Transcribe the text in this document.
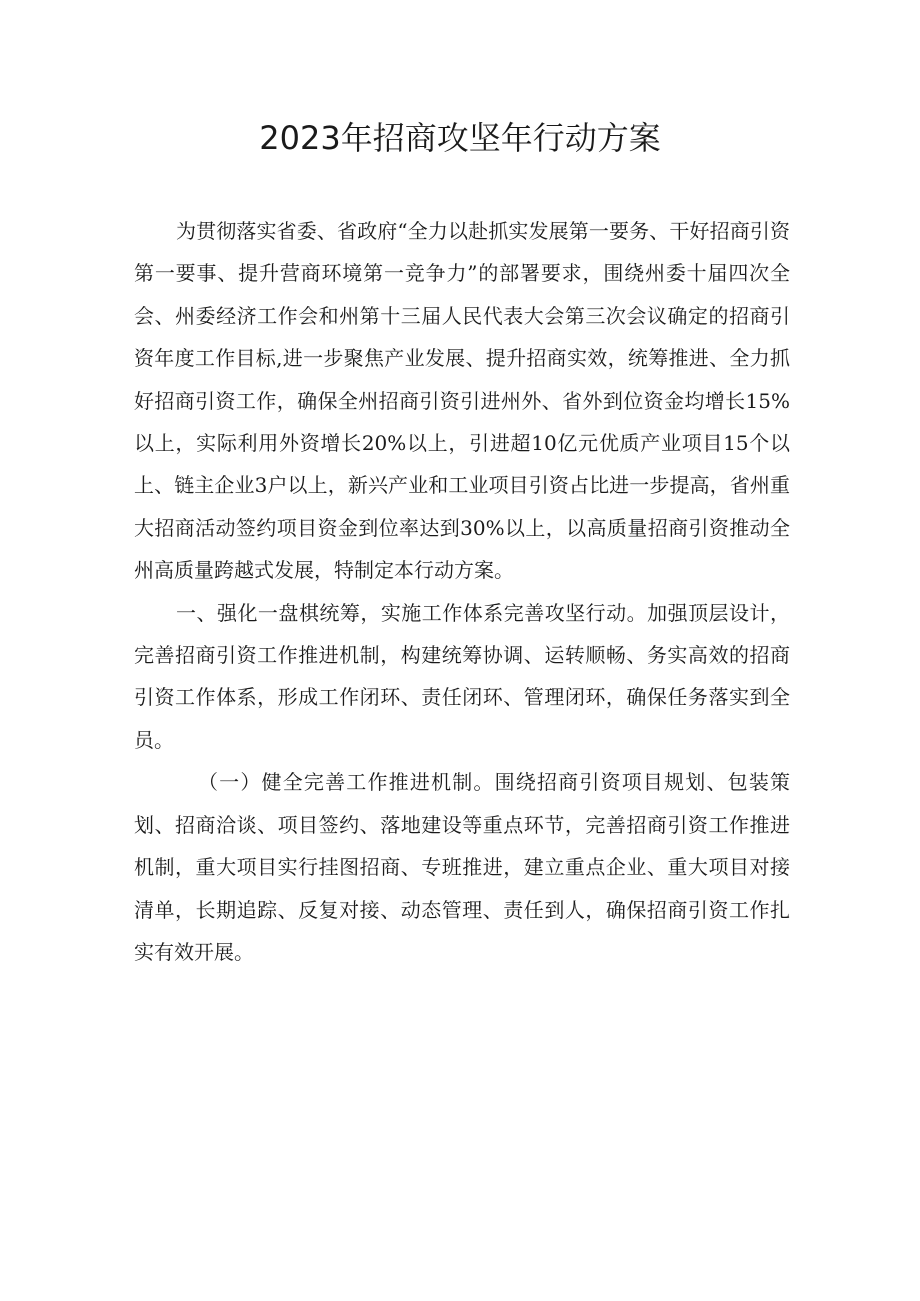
2023年招商攻坚年行动方案

为贯彻落实省委、省政府“全力以赴抓实发展第一要务、干好招商引资第一要事、提升营商环境第一竞争力”的部署要求，围绕州委十届四次全会、州委经济工作会和州第十三届人民代表大会第三次会议确定的招商引资年度工作目标,进一步聚焦产业发展、提升招商实效，统筹推进、全力抓好招商引资工作，确保全州招商引资引进州外、省外到位资金均增长15%以上，实际利用外资增长20%以上，引进超10亿元优质产业项目15个以上、链主企业3户以上，新兴产业和工业项目引资占比进一步提高，省州重大招商活动签约项目资金到位率达到30%以上，以高质量招商引资推动全州高质量跨越式发展，特制定本行动方案。

一、强化一盘棋统筹，实施工作体系完善攻坚行动。加强顶层设计，完善招商引资工作推进机制，构建统筹协调、运转顺畅、务实高效的招商引资工作体系，形成工作闭环、责任闭环、管理闭环，确保任务落实到全员。

（一）健全完善工作推进机制。围绕招商引资项目规划、包装策划、招商洽谈、项目签约、落地建设等重点环节，完善招商引资工作推进机制，重大项目实行挂图招商、专班推进，建立重点企业、重大项目对接清单，长期追踪、反复对接、动态管理、责任到人，确保招商引资工作扎实有效开展。
